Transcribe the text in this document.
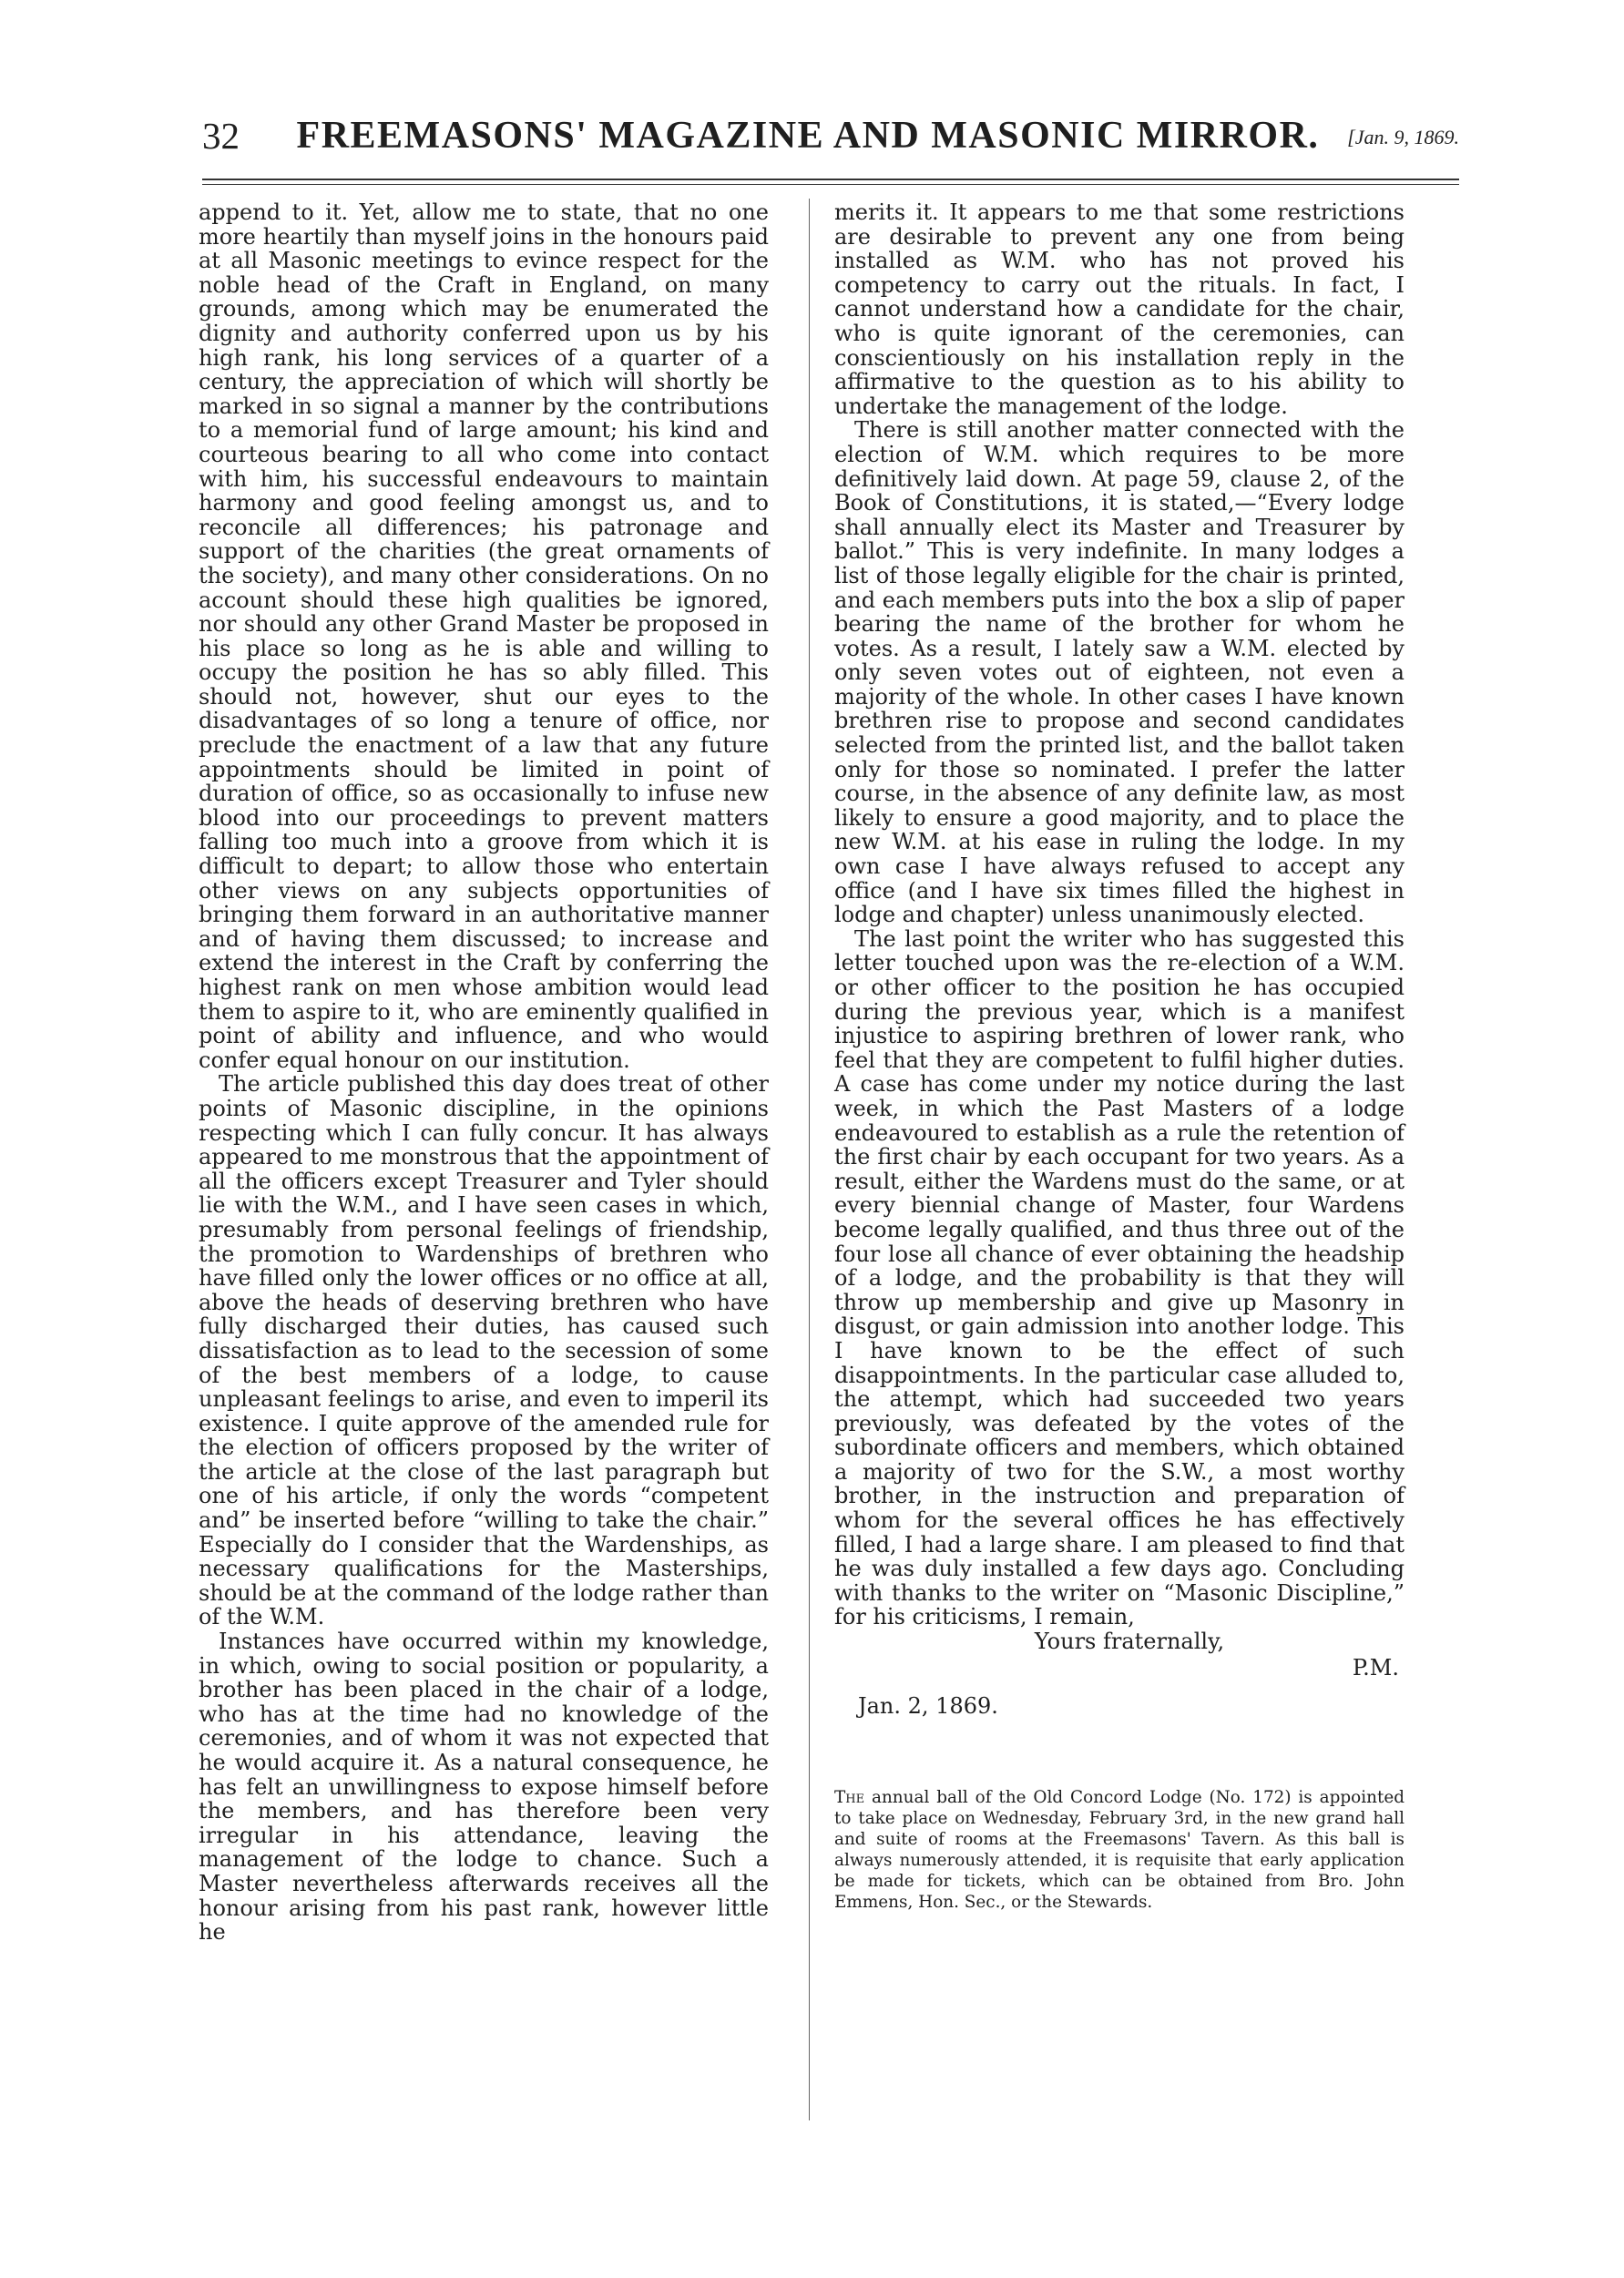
32 FREEMASONS' MAGAZINE AND MASONIC MIRROR.	[Jan. 9, 1869.

append to it. Yet, allow me to state, that no one more heartily than myself joins in the honours paid at all Masonic meetings to evince respect for the noble head of the Craft in England, on many grounds, among which may be enumerated the dignity and authority conferred upon us by his high rank, his long services of a quarter of a century, the appreciation of which will shortly be marked in so signal a manner by the contributions to a memorial fund of large amount; his kind and courteous bearing to all who come into contact with him, his successful endeavours to maintain harmony and good feeling amongst us, and to reconcile all differences; his patronage and support of the charities (the great ornaments of the society), and many other considerations. On no account should these high qualities be ignored, nor should any other Grand Master be proposed in his place so long as he is able and willing to occupy the position he has so ably filled. This should not, however, shut our eyes to the disadvantages of so long a tenure of office, nor preclude the enactment of a law that any future appointments should be limited in point of duration of office, so as occasionally to infuse new blood into our proceedings to prevent matters falling too much into a groove from which it is difficult to depart; to allow those who entertain other views on any subjects opportunities of bringing them forward in an authoritative manner and of having them discussed; to increase and extend the interest in the Craft by conferring the highest rank on men whose ambition would lead them to aspire to it, who are eminently qualified in point of ability and influence, and who would confer equal honour on our institution.

The article published this day does treat of other points of Masonic discipline, in the opinions respecting which I can fully concur. It has always appeared to me monstrous that the appointment of all the officers except Treasurer and Tyler should lie with the W.M., and I have seen cases in which, presumably from personal feelings of friendship, the promotion to Wardenships of brethren who have filled only the lower offices or no office at all, above the heads of deserving brethren who have fully discharged their duties, has caused such dissatisfaction as to lead to the secession of some of the best members of a lodge, to cause unpleasant feelings to arise, and even to imperil its existence. I quite approve of the amended rule for the election of officers proposed by the writer of the article at the close of the last paragraph but one of his article, if only the words “competent and” be inserted before “willing to take the chair.” Especially do I consider that the Wardenships, as necessary qualifications for the Masterships, should be at the command of the lodge rather than of the W.M.

Instances have occurred within my knowledge, in which, owing to social position or popularity, a brother has been placed in the chair of a lodge, who has at the time had no knowledge of the ceremonies, and of whom it was not expected that he would acquire it. As a natural consequence, he has felt an unwillingness to expose himself before the members, and has therefore been very irregular in his attendance, leaving the management of the lodge to chance. Such a Master nevertheless afterwards receives all the honour arising from his past rank, however little he

merits it. It appears to me that some restrictions are desirable to prevent any one from being installed as W.M. who has not proved his competency to carry out the rituals. In fact, I cannot understand how a candidate for the chair, who is quite ignorant of the ceremonies, can conscientiously on his installation reply in the affirmative to the question as to his ability to undertake the management of the lodge.

There is still another matter connected with the election of W.M. which requires to be more definitively laid down. At page 59, clause 2, of the Book of Constitutions, it is stated,—“Every lodge shall annually elect its Master and Treasurer by ballot.” This is very indefinite. In many lodges a list of those legally eligible for the chair is printed, and each members puts into the box a slip of paper bearing the name of the brother for whom he votes. As a result, I lately saw a W.M. elected by only seven votes out of eighteen, not even a majority of the whole. In other cases I have known brethren rise to propose and second candidates selected from the printed list, and the ballot taken only for those so nominated. I prefer the latter course, in the absence of any definite law, as most likely to ensure a good majority, and to place the new W.M. at his ease in ruling the lodge. In my own case I have always refused to accept any office (and I have six times filled the highest in lodge and chapter) unless unanimously elected.

The last point the writer who has suggested this letter touched upon was the re-election of a W.M. or other officer to the position he has occupied during the previous year, which is a manifest injustice to aspiring brethren of lower rank, who feel that they are competent to fulfil higher duties. A case has come under my notice during the last week, in which the Past Masters of a lodge endeavoured to establish as a rule the retention of the first chair by each occupant for two years. As a result, either the Wardens must do the same, or at every biennial change of Master, four Wardens become legally qualified, and thus three out of the four lose all chance of ever obtaining the headship of a lodge, and the probability is that they will throw up membership and give up Masonry in disgust, or gain admission into another lodge. This I have known to be the effect of such disappointments. In the particular case alluded to, the attempt, which had succeeded two years previously, was defeated by the votes of the subordinate officers and members, which obtained a majority of two for the S.W., a most worthy brother, in the instruction and preparation of whom for the several offices he has effectively filled, I had a large share. I am pleased to find that he was duly installed a few days ago. Concluding with thanks to the writer on “Masonic Discipline,” for his criticisms, I remain,

Yours fraternally,

P.M.
Jan. 2, 1869.
The annual ball of the Old Concord Lodge (No. 172) is appointed to take place on Wednesday, February 3rd, in the new grand hall and suite of rooms at the Freemasons' Tavern. As this ball is always numerously attended, it is requisite that early application be made for tickets, which can be obtained from Bro. John Emmens, Hon. Sec., or the Stewards.
